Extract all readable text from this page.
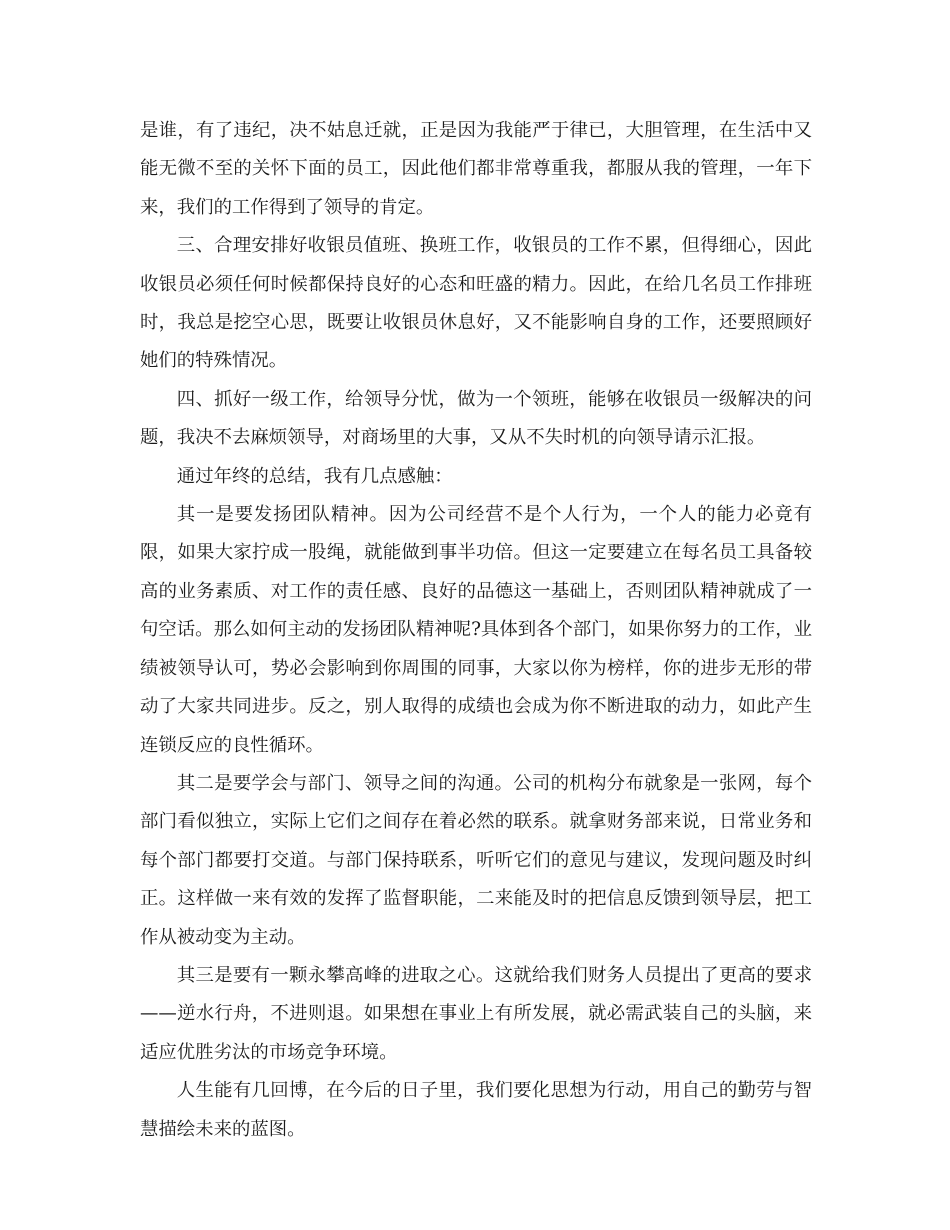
是谁，有了违纪，决不姑息迁就，正是因为我能严于律已，大胆管理，在生活中又能无微不至的关怀下面的员工，因此他们都非常尊重我，都服从我的管理，一年下来，我们的工作得到了领导的肯定。

三、合理安排好收银员值班、换班工作，收银员的工作不累，但得细心，因此收银员必须任何时候都保持良好的心态和旺盛的精力。因此，在给几名员工作排班时，我总是挖空心思，既要让收银员休息好，又不能影响自身的工作，还要照顾好她们的特殊情况。

四、抓好一级工作，给领导分忧，做为一个领班，能够在收银员一级解决的问题，我决不去麻烦领导，对商场里的大事，又从不失时机的向领导请示汇报。

通过年终的总结，我有几点感触：

其一是要发扬团队精神。因为公司经营不是个人行为，一个人的能力必竟有限，如果大家拧成一股绳，就能做到事半功倍。但这一定要建立在每名员工具备较高的业务素质、对工作的责任感、良好的品德这一基础上，否则团队精神就成了一句空话。那么如何主动的发扬团队精神呢?具体到各个部门，如果你努力的工作，业绩被领导认可，势必会影响到你周围的同事，大家以你为榜样，你的进步无形的带动了大家共同进步。反之，别人取得的成绩也会成为你不断进取的动力，如此产生连锁反应的良性循环。

其二是要学会与部门、领导之间的沟通。公司的机构分布就象是一张网，每个部门看似独立，实际上它们之间存在着必然的联系。就拿财务部来说，日常业务和每个部门都要打交道。与部门保持联系，听听它们的意见与建议，发现问题及时纠正。这样做一来有效的发挥了监督职能，二来能及时的把信息反馈到领导层，把工作从被动变为主动。

其三是要有一颗永攀高峰的进取之心。这就给我们财务人员提出了更高的要求——逆水行舟，不进则退。如果想在事业上有所发展，就必需武装自己的头脑，来适应优胜劣汰的市场竞争环境。

人生能有几回博，在今后的日子里，我们要化思想为行动，用自己的勤劳与智慧描绘未来的蓝图。
